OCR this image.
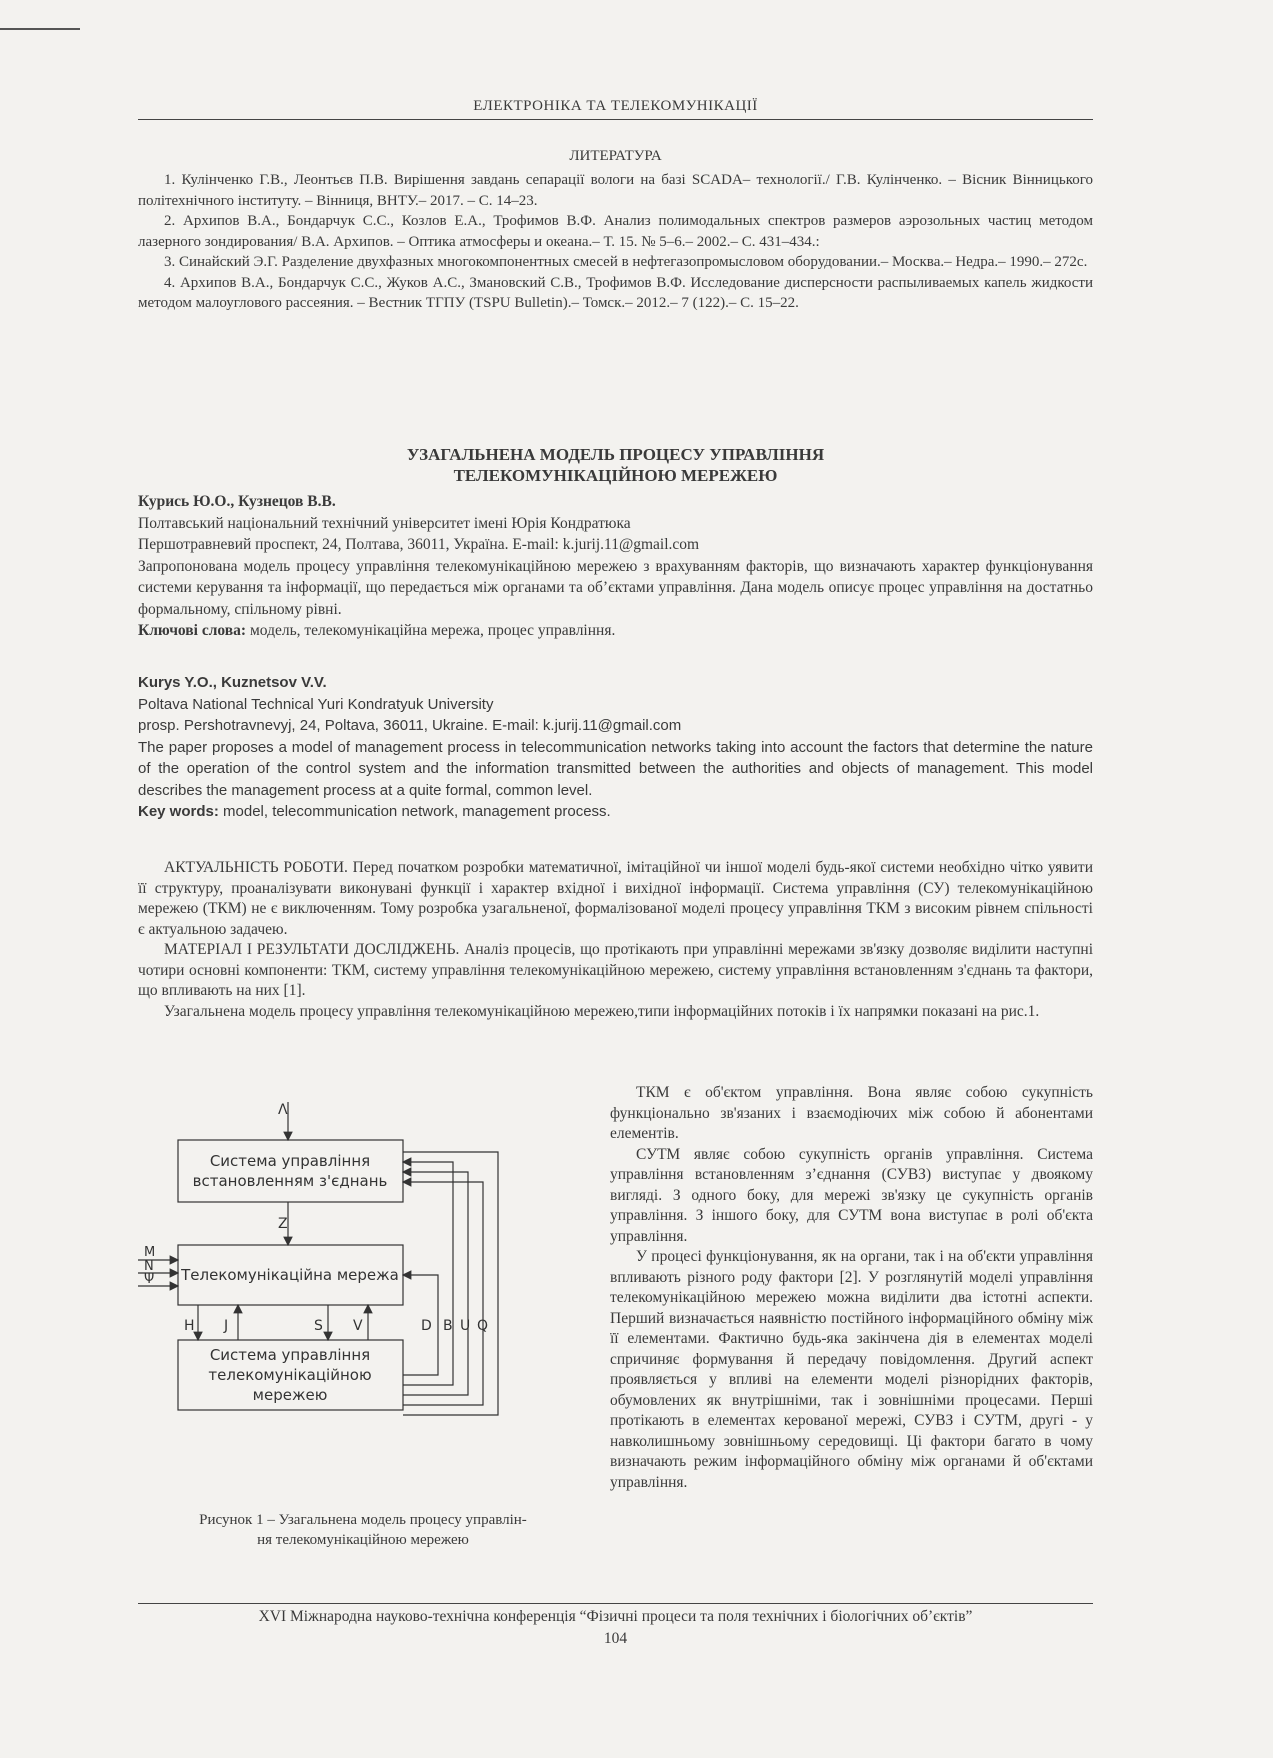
ЕЛЕКТРОНІКА ТА ТЕЛЕКОМУНІКАЦІЇ
ЛИТЕРАТУРА

1. Кулінченко Г.В., Леонтьєв П.В. Вирішення завдань сепарації вологи на базі SCADA– технології./ Г.В. Кулінченко. – Вісник Вінницького політехнічного інституту. – Вінниця, ВНТУ.– 2017. – С. 14–23.

2. Архипов В.А., Бондарчук С.С., Козлов Е.А., Трофимов В.Ф. Анализ полимодальных спектров размеров аэрозольных частиц методом лазерного зондирования/ В.А. Архипов. – Оптика атмосферы и океана.– Т. 15. № 5–6.– 2002.– С. 431–434.:

3. Синайский Э.Г. Разделение двухфазных многокомпонентных смесей в нефтегазопромысловом оборудовании.– Москва.– Недра.– 1990.– 272с.

4. Архипов В.А., Бондарчук С.С., Жуков А.С., Змановский С.В., Трофимов В.Ф. Исследование дисперсности распыливаемых капель жидкости методом малоуглового рассеяния. – Вестник ТГПУ (TSPU Bulletin).– Томск.– 2012.– 7 (122).– С. 15–22.

УЗАГАЛЬНЕНА МОДЕЛЬ ПРОЦЕСУ УПРАВЛІННЯ
ТЕЛЕКОМУНІКАЦІЙНОЮ МЕРЕЖЕЮ

Курись Ю.О., Кузнецов В.В.

Полтавський національний технічний університет імені Юрія Кондратюка

Першотравневий проспект, 24, Полтава, 36011, Україна. E-mail: k.jurij.11@gmail.com

Запропонована модель процесу управління телекомунікаційною мережею з врахуванням факторів, що визначають характер функціонування системи керування та інформації, що передається між органами та об’єктами управління. Дана модель описує процес управління на достатньо формальному, спільному рівні.

Ключові слова: модель, телекомунікаційна мережа, процес управління.

Kurys Y.O., Kuznetsov V.V.

Poltava National Technical Yuri Kondratyuk University

prosp. Pershotravnevyj, 24, Poltava, 36011, Ukraine. E-mail: k.jurij.11@gmail.com

The paper proposes a model of management process in telecommunication networks taking into account the factors that determine the nature of the operation of the control system and the information transmitted between the authorities and objects of management. This model describes the management process at a quite formal, common level.

Key words: model, telecommunication network, management process.

АКТУАЛЬНІСТЬ РОБОТИ. Перед початком розробки математичної, імітаційної чи іншої моделі будь-якої системи необхідно чітко уявити її структуру, проаналізувати виконувані функції і характер вхідної і вихідної інформації. Система управління (СУ) телекомунікаційною мережею (ТКМ) не є виключенням. Тому розробка узагальненої, формалізованої моделі процесу управління ТКМ з високим рівнем спільності є актуальною задачею.

МАТЕРІАЛ І РЕЗУЛЬТАТИ ДОСЛІДЖЕНЬ. Аналіз процесів, що протікають при управлінні мережами зв'язку дозволяє виділити наступні чотири основні компоненти: ТКМ, систему управління телекомунікаційною мережею, систему управління встановленням з'єднань та фактори, що впливають на них [1].

Узагальнена модель процесу управління телекомунікаційною мережею,типи інформаційних потоків і їх напрямки показані на рис.1.

Система управління
встановленням з'єднань
Телекомунікаційна мережа
Система управління
телекомунікаційною
мережею
Λ
Z
M
N
Ψ
H J	S V	D B U Q
Рисунок 1 – Узагальнена модель процесу управлін-
ня телекомунікаційною мережею

ТКМ є об'єктом управління. Вона являє собою сукупність функціонально зв'язаних і взаємодіючих між собою й абонентами елементів.

СУТМ являє собою сукупність органів управління. Система управління встановленням з’єднання (СУВЗ) виступає у двоякому вигляді. З одного боку, для мережі зв'язку це сукупність органів управління. З іншого боку, для СУТМ вона виступає в ролі об'єкта управління.

У процесі функціонування, як на органи, так і на об'єкти управління впливають різного роду фактори [2]. У розглянутій моделі управління телекомунікаційною мережею можна виділити два істотні аспекти. Перший визначається наявністю постійного інформаційного обміну між її елементами. Фактично будь-яка закінчена дія в елементах моделі спричиняє формування й передачу повідомлення. Другий аспект проявляється у впливі на елементи моделі різнорідних факторів, обумовлених як внутрішніми, так і зовнішніми процесами. Перші протікають в елементах керованої мережі, СУВЗ і СУТМ, другі - у навколишньому зовнішньому середовищі. Ці фактори багато в чому визначають режим інформаційного обміну між органами й об'єктами управління.

XVI Міжнародна науково-технічна конференція “Фізичні процеси та поля технічних і біологічних об’єктів”
104
